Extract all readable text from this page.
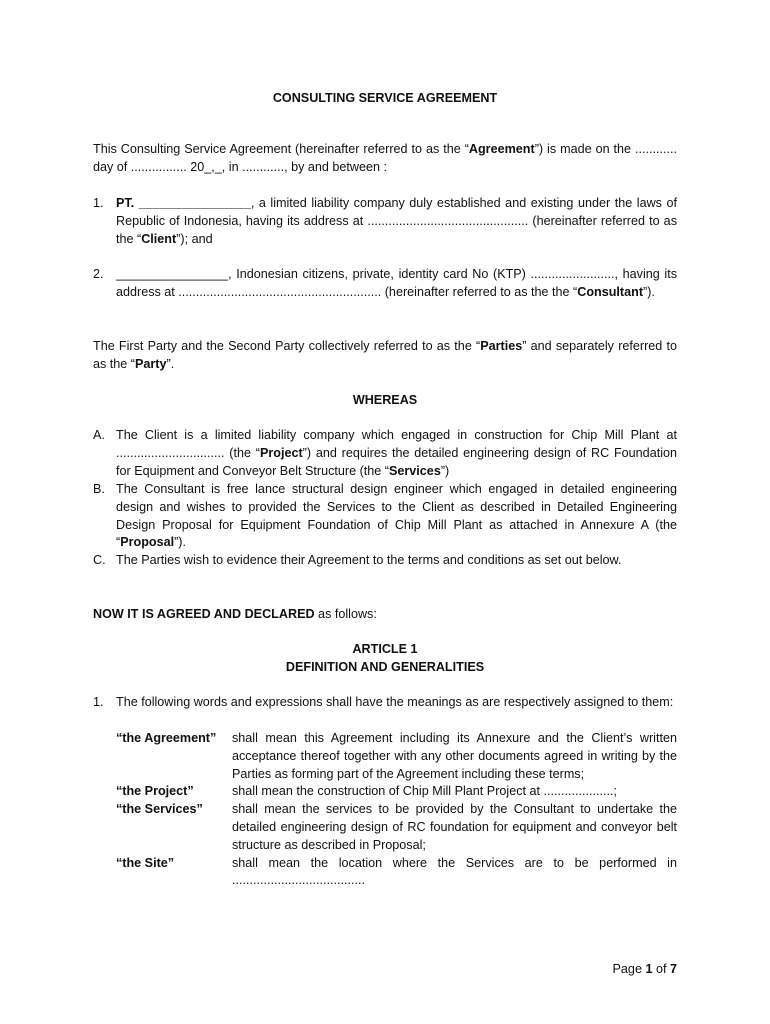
CONSULTING SERVICE AGREEMENT
This Consulting Service Agreement (hereinafter referred to as the “Agreement”) is made on the ............ day of ................ 20_,_, in ............, by and between :
1. PT. ________________, a limited liability company duly established and existing under the laws of Republic of Indonesia, having its address at .............................................. (hereinafter referred to as the “Client”); and
2. ________________, Indonesian citizens, private, identity card No (KTP) ........................, having its address at .......................................................... (hereinafter referred to as the the “Consultant”).
The First Party and the Second Party collectively referred to as the “Parties” and separately referred to as the “Party”.
WHEREAS
A. The Client is a limited liability company which engaged in construction for Chip Mill Plant at ............................... (the “Project”) and requires the detailed engineering design of RC Foundation for Equipment and Conveyor Belt Structure (the “Services”)
B. The Consultant is free lance structural design engineer which engaged in detailed engineering design and wishes to provided the Services to the Client as described in Detailed Engineering Design Proposal for Equipment Foundation of Chip Mill Plant as attached in Annexure A (the “Proposal”).
C. The Parties wish to evidence their Agreement to the terms and conditions as set out below.
NOW IT IS AGREED AND DECLARED as follows:
ARTICLE 1
DEFINITION AND GENERALITIES
1. The following words and expressions shall have the meanings as are respectively assigned to them:
“the Agreement”	shall mean this Agreement including its Annexure and the Client’s written acceptance thereof together with any other documents agreed in writing by the Parties as forming part of the Agreement including these terms;
“the Project”	shall mean the construction of Chip Mill Plant Project at ....................;
“the Services”	shall mean the services to be provided by the Consultant to undertake the detailed engineering design of RC foundation for equipment and conveyor belt structure as described in Proposal;
“the Site”	shall mean the location where the Services are to be performed in ......................................
Page 1 of 7
